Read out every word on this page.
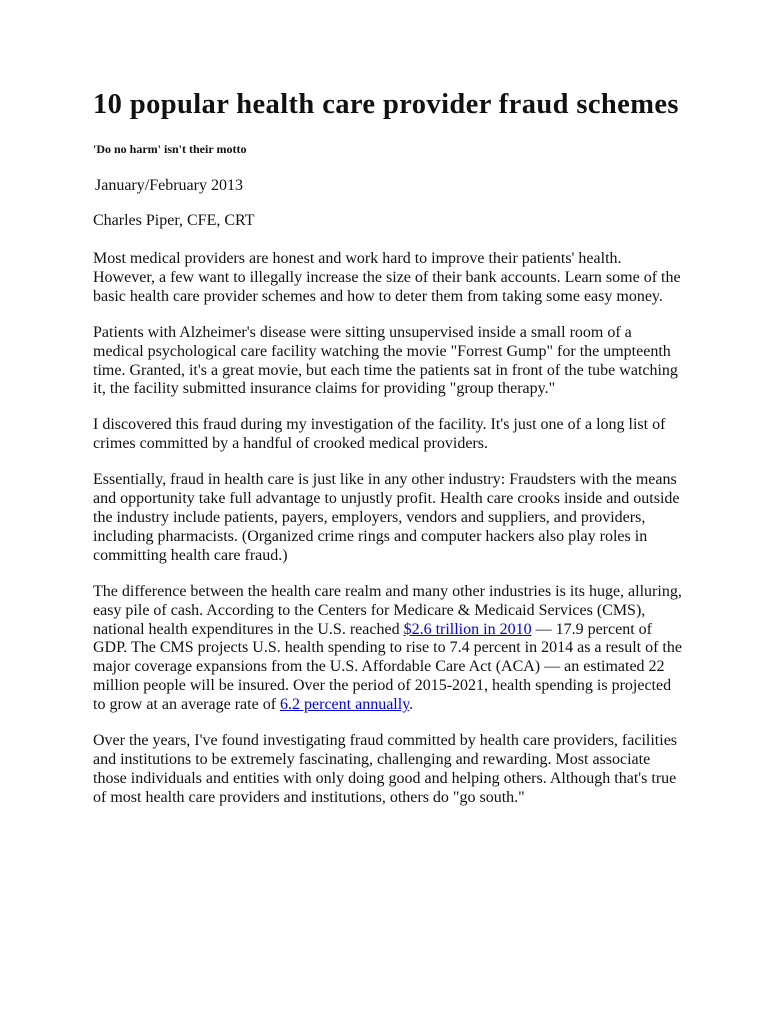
10 popular health care provider fraud schemes
'Do no harm' isn't their motto
January/February 2013
Charles Piper, CFE, CRT

Most medical providers are honest and work hard to improve their patients' health. However, a few want to illegally increase the size of their bank accounts. Learn some of the basic health care provider schemes and how to deter them from taking some easy money.

Patients with Alzheimer's disease were sitting unsupervised inside a small room of a medical psychological care facility watching the movie "Forrest Gump" for the umpteenth time. Granted, it's a great movie, but each time the patients sat in front of the tube watching it, the facility submitted insurance claims for providing "group therapy."

I discovered this fraud during my investigation of the facility. It's just one of a long list of crimes committed by a handful of crooked medical providers.

Essentially, fraud in health care is just like in any other industry: Fraudsters with the means and opportunity take full advantage to unjustly profit. Health care crooks inside and outside the industry include patients, payers, employers, vendors and suppliers, and providers, including pharmacists. (Organized crime rings and computer hackers also play roles in committing health care fraud.)

The difference between the health care realm and many other industries is its huge, alluring, easy pile of cash. According to the Centers for Medicare & Medicaid Services (CMS), national health expenditures in the U.S. reached $2.6 trillion in 2010 — 17.9 percent of GDP. The CMS projects U.S. health spending to rise to 7.4 percent in 2014 as a result of the major coverage expansions from the U.S. Affordable Care Act (ACA) — an estimated 22 million people will be insured. Over the period of 2015-2021, health spending is projected to grow at an average rate of 6.2 percent annually.

Over the years, I've found investigating fraud committed by health care providers, facilities and institutions to be extremely fascinating, challenging and rewarding. Most associate those individuals and entities with only doing good and helping others. Although that's true of most health care providers and institutions, others do "go south."
